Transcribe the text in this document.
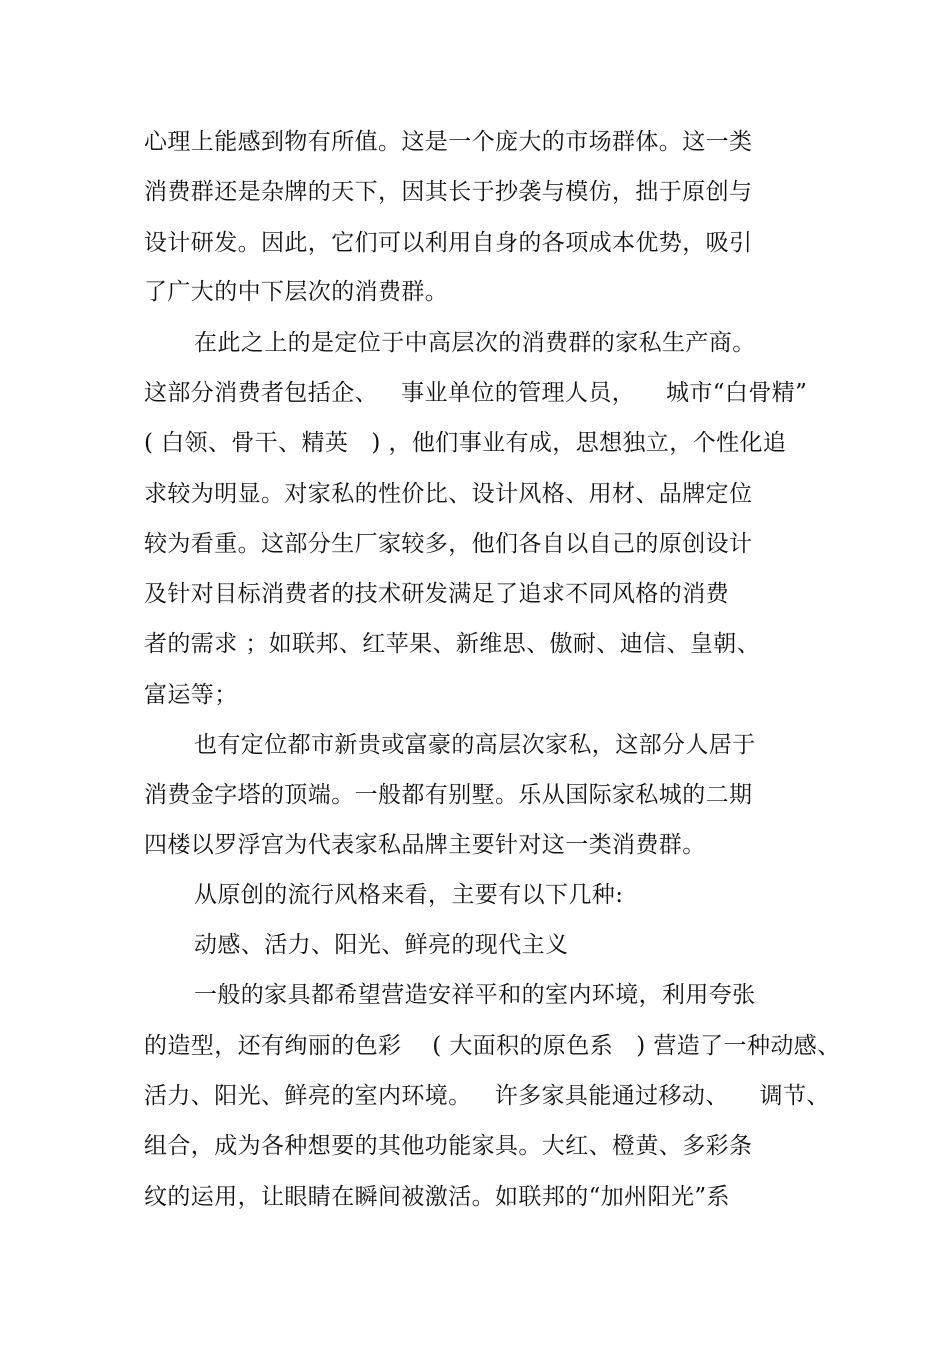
心理上能感到物有所值。这是一个庞大的市场群体。这一类
消费群还是杂牌的天下，因其长于抄袭与模仿，拙于原创与
设计研发。因此，它们可以利用自身的各项成本优势，吸引
了广大的中下层次的消费群。
在此之上的是定位于中高层次的消费群的家私生产商。
这部分消费者包括企、   事业单位的管理人员，    城市“白骨精”
( 白领、骨干、精英   ) ，他们事业有成，思想独立，个性化追
求较为明显。对家私的性价比、设计风格、用材、品牌定位
较为看重。这部分生厂家较多，他们各自以自己的原创设计
及针对目标消费者的技术研发满足了追求不同风格的消费
者的需求 ；如联邦、红苹果、新维思、傲耐、迪信、皇朝、
富运等；
也有定位都市新贵或富豪的高层次家私，这部分人居于
消费金字塔的顶端。一般都有别墅。乐从国际家私城的二期
四楼以罗浮宫为代表家私品牌主要针对这一类消费群。
从原创的流行风格来看，主要有以下几种:
动感、活力、阳光、鲜亮的现代主义
一般的家具都希望营造安祥平和的室内环境，利用夸张
的造型，还有绚丽的色彩    ( 大面积的原色系   ) 营造了一种动感、
活力、阳光、鲜亮的室内环境。   许多家具能通过移动、    调节、
组合，成为各种想要的其他功能家具。大红、橙黄、多彩条
纹的运用，让眼睛在瞬间被激活。如联邦的“加州阳光”系
